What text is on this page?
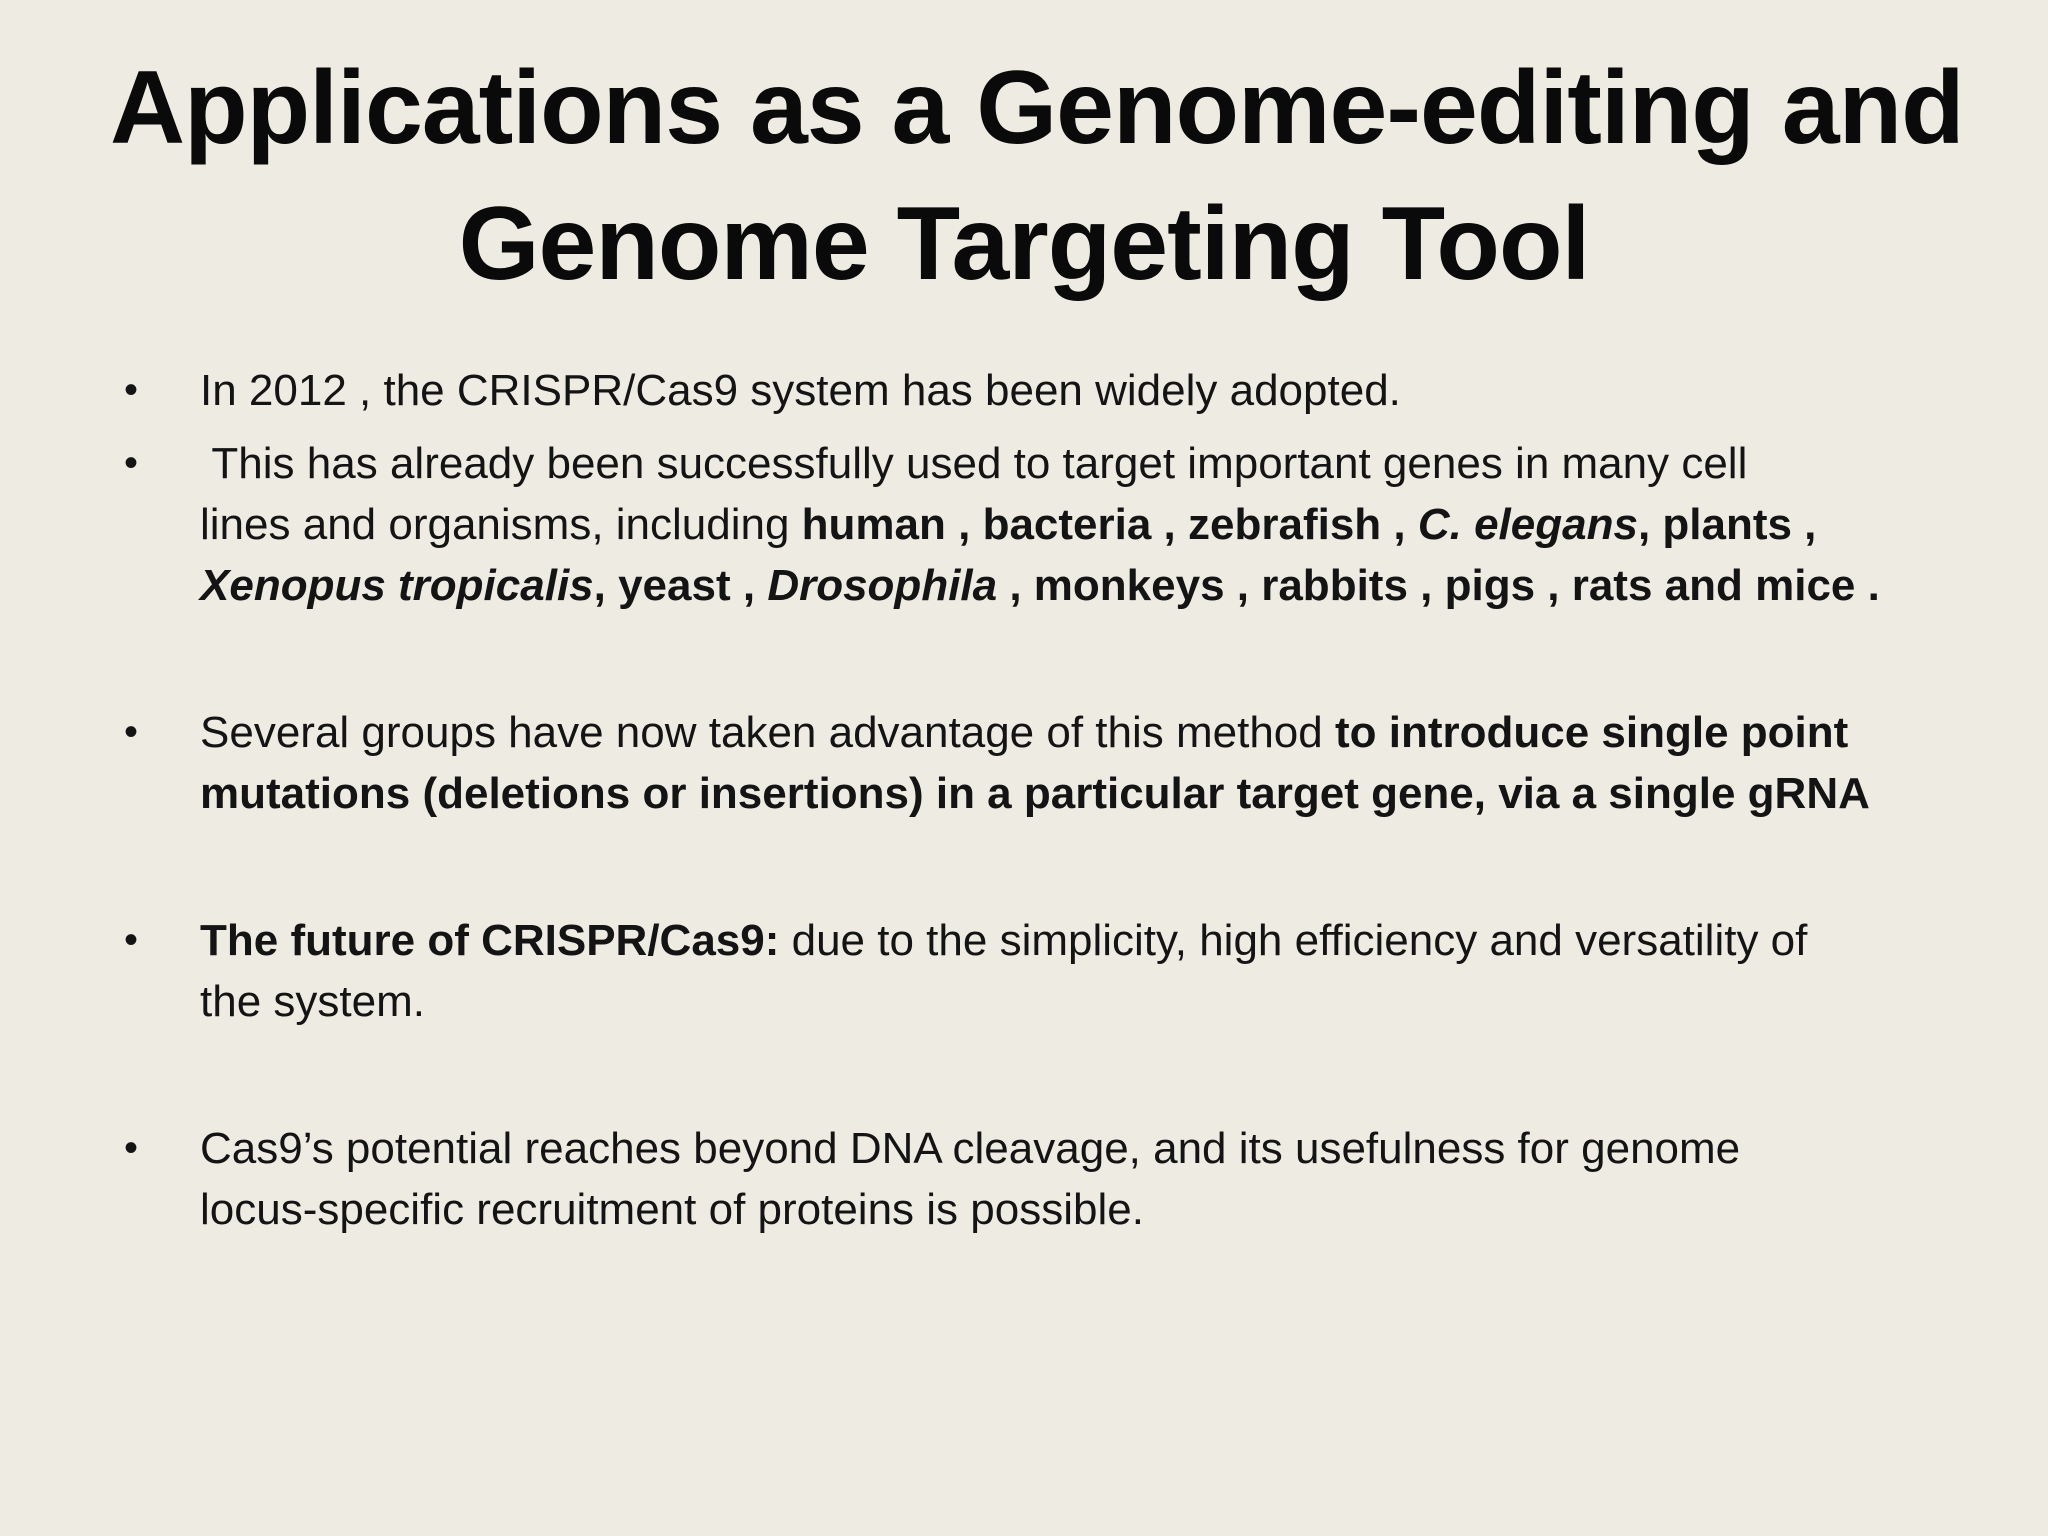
Applications as a Genome-editing and
Genome Targeting Tool
• In 2012 , the CRISPR/Cas9 system has been widely adopted.
• This has already been successfully used to target important genes in many cell
lines and organisms, including human , bacteria , zebrafish , C. elegans, plants ,
Xenopus tropicalis, yeast , Drosophila , monkeys , rabbits , pigs , rats and mice .
• Several groups have now taken advantage of this method to introduce single point
mutations (deletions or insertions) in a particular target gene, via a single gRNA
• The future of CRISPR/Cas9: due to the simplicity, high efficiency and versatility of
the system.
• Cas9’s potential reaches beyond DNA cleavage, and its usefulness for genome
locus-specific recruitment of proteins is possible.
